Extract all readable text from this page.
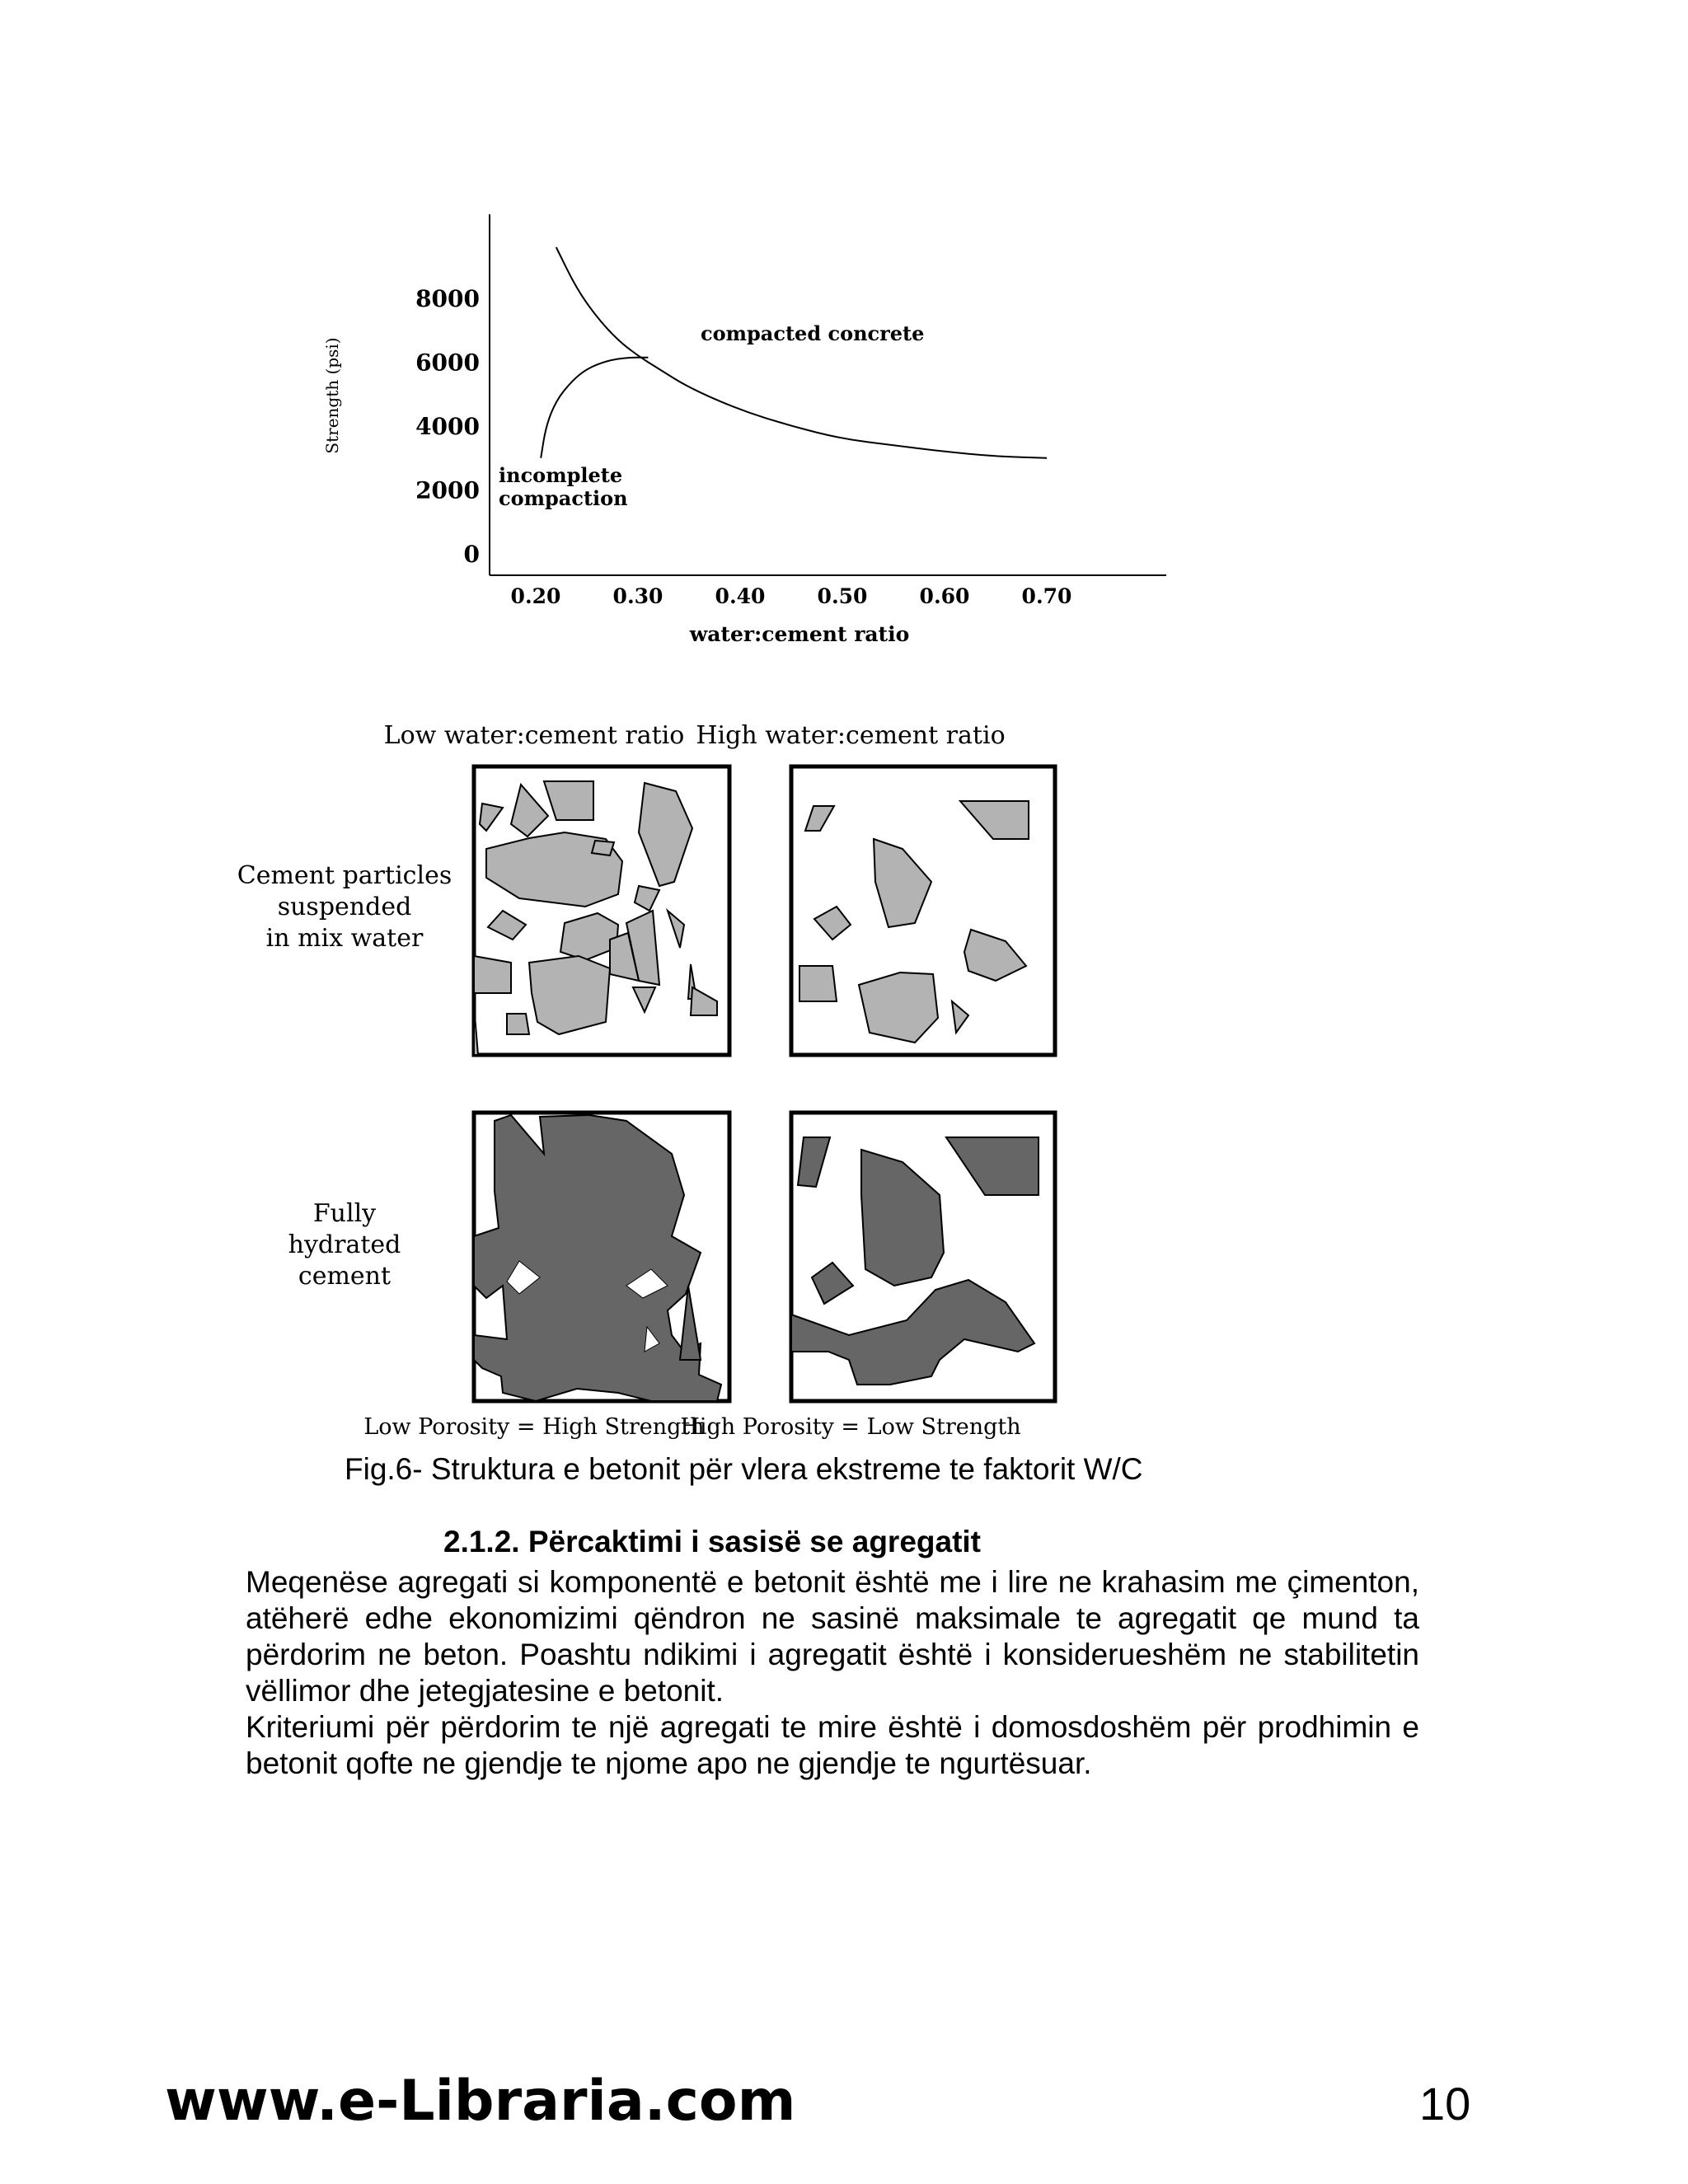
0
2000
4000
6000
8000
0.20	0.30	0.40	0.50	0.60	0.70
Strength (psi)
water:cement ratio
compacted concrete
incomplete
compaction
Low water:cement ratio High water:cement ratio
Cement particles
suspended
in mix water
Fully
hydrated
cement
Low Porosity = High Strength
High Porosity = Low Strength
Fig.6- Struktura e betonit për vlera ekstreme te faktorit W/C
2.1.2. Përcaktimi i sasisë se agregatit

Meqenëse agregati si komponentë e betonit është me i lire ne krahasim me çimenton, atëherë edhe ekonomizimi qëndron ne sasinë maksimale te agregatit qe mund ta përdorim ne beton. Poashtu ndikimi i agregatit është i konsiderueshëm ne stabilitetin vëllimor dhe jetegjatesine e betonit.

Kriteriumi për përdorim te një agregati te mire është i domosdoshëm për prodhimin e betonit qofte ne gjendje te njome apo ne gjendje te ngurtësuar.

www.e-Libraria.com	10
